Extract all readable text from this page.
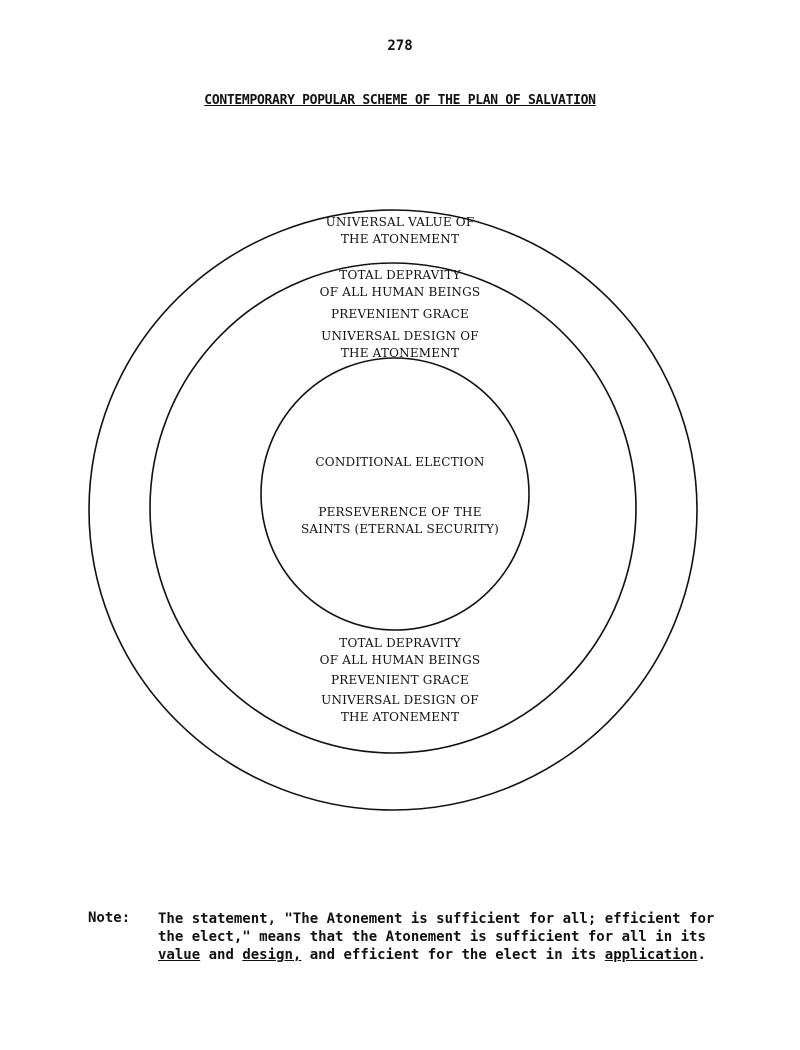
278
CONTEMPORARY POPULAR SCHEME OF THE PLAN OF SALVATION
UNIVERSAL VALUE OF
THE ATONEMENT
TOTAL DEPRAVITY
OF ALL HUMAN BEINGS
PREVENIENT GRACE
UNIVERSAL DESIGN OF
THE ATONEMENT
CONDITIONAL ELECTION
PERSEVERENCE OF THE
SAINTS (ETERNAL SECURITY)
TOTAL DEPRAVITY
OF ALL HUMAN BEINGS
PREVENIENT GRACE
UNIVERSAL DESIGN OF
THE ATONEMENT
Note: The statement, "The Atonement is sufficient for all; efficient for
the elect," means that the Atonement is sufficient for all in its
value and design, and efficient for the elect in its application.
